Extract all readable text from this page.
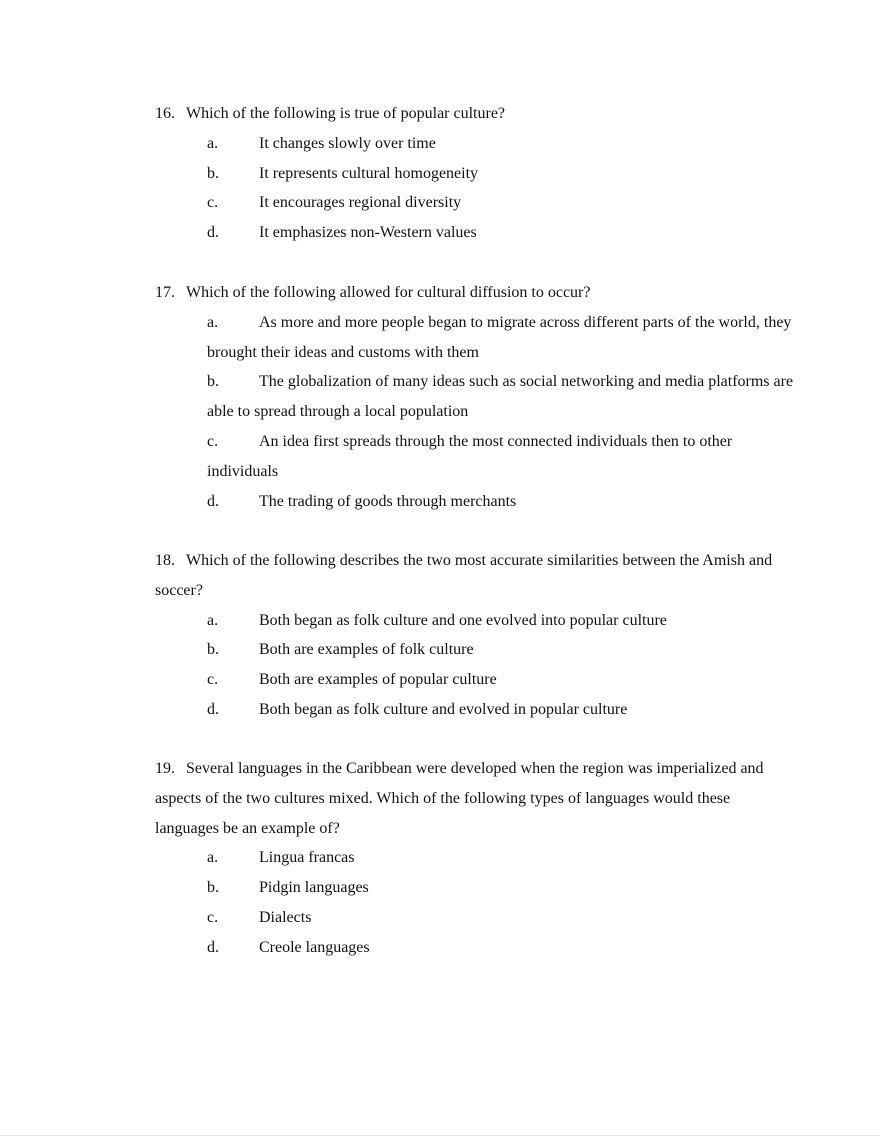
16. Which of the following is true of popular culture?

a.	It changes slowly over time
b.	It represents cultural homogeneity
c.	It encourages regional diversity
d.	It emphasizes non-Western values

17. Which of the following allowed for cultural diffusion to occur?

a.	As more and more people began to migrate across different parts of the world, they brought their ideas and customs with them
b.	The globalization of many ideas such as social networking and media platforms are able to spread through a local population
c.	An idea first spreads through the most connected individuals then to other individuals
d.	The trading of goods through merchants

18. Which of the following describes the two most accurate similarities between the Amish and soccer?

a.	Both began as folk culture and one evolved into popular culture
b.	Both are examples of folk culture
c.	Both are examples of popular culture
d.	Both began as folk culture and evolved in popular culture

19. Several languages in the Caribbean were developed when the region was imperialized and aspects of the two cultures mixed. Which of the following types of languages would these languages be an example of?

a.	Lingua francas
b.	Pidgin languages
c.	Dialects
d.	Creole languages
